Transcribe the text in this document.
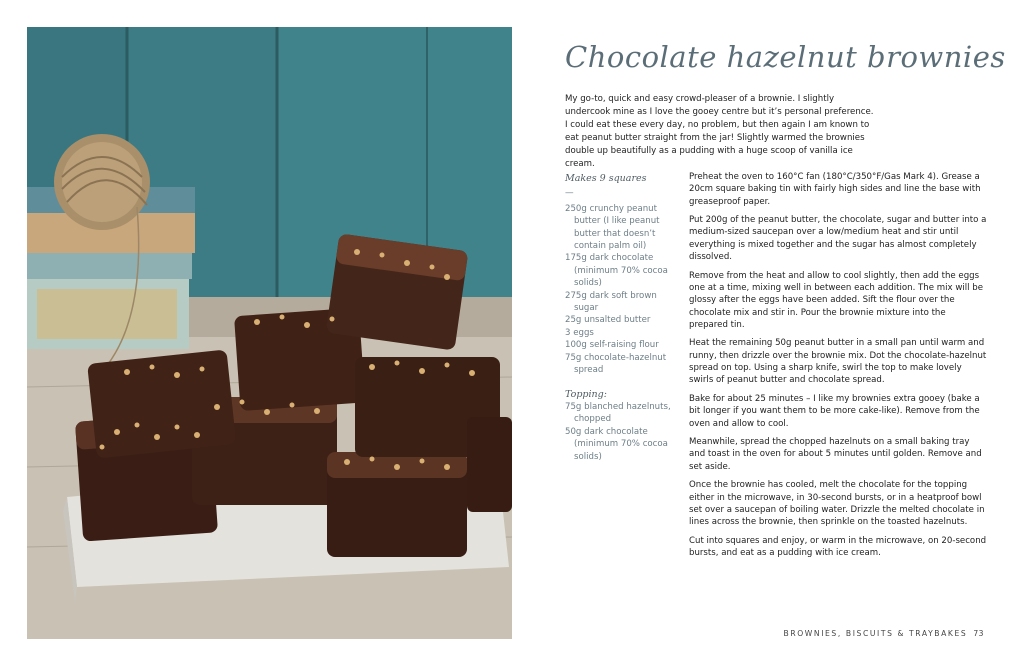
Chocolate hazelnut brownies
My go-to, quick and easy crowd-pleaser of a brownie. I slightly undercook mine as I love the gooey centre but it’s personal preference. I could eat these every day, no problem, but then again I am known to eat peanut butter straight from the jar! Slightly warmed the brownies double up beautifully as a pudding with a huge scoop of vanilla ice cream.
Makes 9 squares
—
250g crunchy peanut butter (I like peanut butter that doesn’t contain palm oil)
175g dark chocolate (minimum 70% cocoa solids)
275g dark soft brown sugar
25g unsalted butter
3 eggs
100g self-raising flour
75g chocolate-hazelnut spread
Topping:
75g blanched hazelnuts, chopped
50g dark chocolate (minimum 70% cocoa solids)

Preheat the oven to 160°C fan (180°C/350°F/Gas Mark 4). Grease a 20cm square baking tin with fairly high sides and line the base with greaseproof paper.

Put 200g of the peanut butter, the chocolate, sugar and butter into a medium-sized saucepan over a low/medium heat and stir until everything is mixed together and the sugar has almost completely dissolved.

Remove from the heat and allow to cool slightly, then add the eggs one at a time, mixing well in between each addition. The mix will be glossy after the eggs have been added. Sift the flour over the chocolate mix and stir in. Pour the brownie mixture into the prepared tin.

Heat the remaining 50g peanut butter in a small pan until warm and runny, then drizzle over the brownie mix. Dot the chocolate-hazelnut spread on top. Using a sharp knife, swirl the top to make lovely swirls of peanut butter and chocolate spread.

Bake for about 25 minutes – I like my brownies extra gooey (bake a bit longer if you want them to be more cake-like). Remove from the oven and allow to cool.

Meanwhile, spread the chopped hazelnuts on a small baking tray and toast in the oven for about 5 minutes until golden. Remove and set aside.

Once the brownie has cooled, melt the chocolate for the topping either in the microwave, in 30-second bursts, or in a heatproof bowl set over a saucepan of boiling water. Drizzle the melted chocolate in lines across the brownie, then sprinkle on the toasted hazelnuts.

Cut into squares and enjoy, or warm in the microwave, on 20-second bursts, and eat as a pudding with ice cream.

BROWNIES, BISCUITS & TRAYBAKES 73
